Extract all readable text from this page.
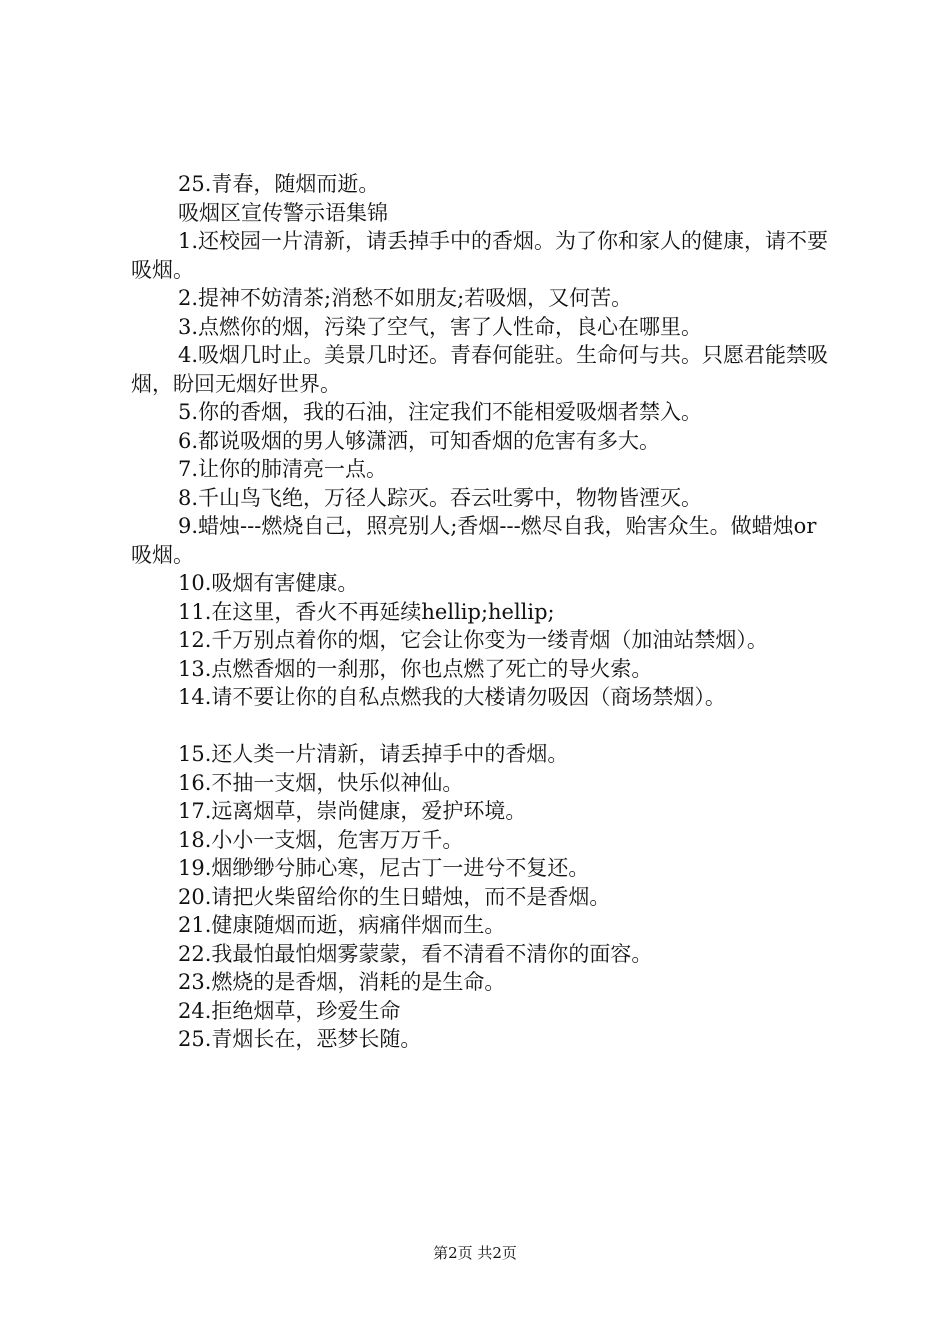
25.青春，随烟而逝。

吸烟区宣传警示语集锦

1.还校园一片清新，请丢掉手中的香烟。为了你和家人的健康，请不要吸烟。

2.提神不妨清茶;消愁不如朋友;若吸烟，又何苦。

3.点燃你的烟，污染了空气，害了人性命，良心在哪里。

4.吸烟几时止。美景几时还。青春何能驻。生命何与共。只愿君能禁吸烟，盼回无烟好世界。

5.你的香烟，我的石油，注定我们不能相爱吸烟者禁入。

6.都说吸烟的男人够潇洒，可知香烟的危害有多大。

7.让你的肺清亮一点。

8.千山鸟飞绝，万径人踪灭。吞云吐雾中，物物皆湮灭。

9.蜡烛---燃烧自己，照亮别人;香烟---燃尽自我，贻害众生。做蜡烛or吸烟。

10.吸烟有害健康。

11.在这里，香火不再延续hellip;hellip;

12.千万别点着你的烟，它会让你变为一缕青烟（加油站禁烟）。

13.点燃香烟的一刹那，你也点燃了死亡的导火索。

14.请不要让你的自私点燃我的大楼请勿吸因（商场禁烟）。

15.还人类一片清新，请丢掉手中的香烟。

16.不抽一支烟，快乐似神仙。

17.远离烟草，崇尚健康，爱护环境。

18.小小一支烟，危害万万千。

19.烟缈缈兮肺心寒，尼古丁一进兮不复还。

20.请把火柴留给你的生日蜡烛，而不是香烟。

21.健康随烟而逝，病痛伴烟而生。

22.我最怕最怕烟雾蒙蒙，看不清看不清你的面容。

23.燃烧的是香烟，消耗的是生命。

24.拒绝烟草，珍爱生命

25.青烟长在，恶梦长随。

第2页 共2页
